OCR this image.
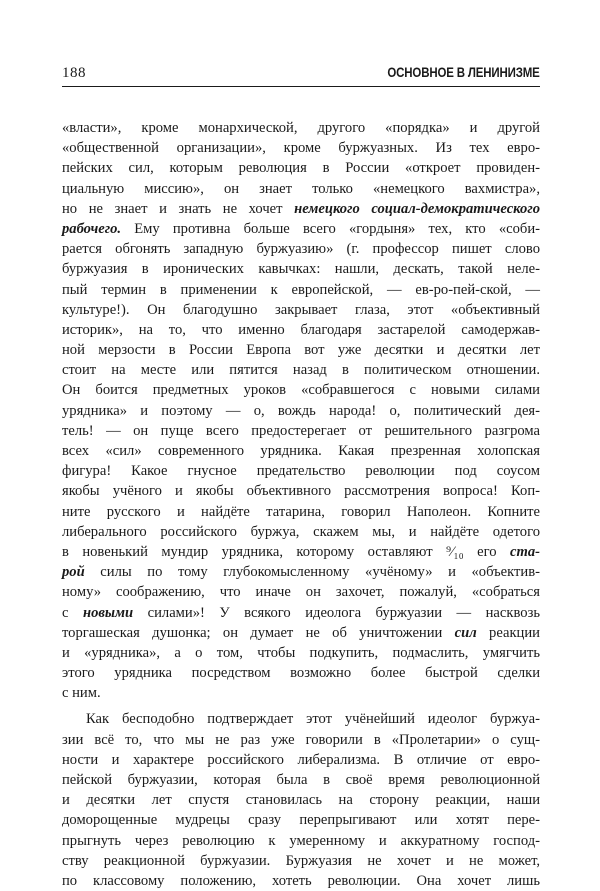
188	ОСНОВНОЕ В ЛЕНИНИЗМЕ
«власти», кроме монархической, другого «порядка» и другой
«общественной организации», кроме буржуазных. Из тех евро-
пейских сил, которым революция в России «откроет провиден-
циальную миссию», он знает только «немецкого вахмистра»,
но не знает и знать не хочет немецкого социал-демократического
рабочего. Ему противна больше всего «гордыня» тех, кто «соби-
рается обгонять западную буржуазию» (г. профессор пишет слово
буржуазия в иронических кавычках: нашли, дескать, такой неле-
пый термин в применении к европейской, — ев-ро-пей-ской, —
культуре!). Он благодушно закрывает глаза, этот «объективный
историк», на то, что именно благодаря застарелой самодержав-
ной мерзости в России Европа вот уже десятки и десятки лет
стоит на месте или пятится назад в политическом отношении.
Он боится предметных уроков «собравшегося с новыми силами
урядника» и поэтому — о, вождь народа! о, политический дея-
тель! — он пуще всего предостерегает от решительного разгрома
всех «сил» современного урядника. Какая презренная холопская
фигура! Какое гнусное предательство революции под соусом
якобы учёного и якобы объективного рассмотрения вопроса! Коп-
ните русского и найдёте татарина, говорил Наполеон. Копните
либерального российского буржуа, скажем мы, и найдёте одетого
в новенький мундир урядника, которому оставляют ⁹⁄₁₀ его ста-
рой силы по тому глубокомысленному «учёному» и «объектив-
ному» соображению, что иначе он захочет, пожалуй, «собраться
с новыми силами»! У всякого идеолога буржуазии — насквозь
торгашеская душонка; он думает не об уничтожении сил реакции
и «урядника», а о том, чтобы подкупить, подмаслить, умягчить
этого урядника посредством возможно более быстрой сделки
с ним.
Как бесподобно подтверждает этот учёнейший идеолог буржуа-
зии всё то, что мы не раз уже говорили в «Пролетарии» о сущ-
ности и характере российского либерализма. В отличие от евро-
пейской буржуазии, которая была в своё время революционной
и десятки лет спустя становилась на сторону реакции, наши
доморощенные мудрецы сразу перепрыгивают или хотят пере-
прыгнуть через революцию к умеренному и аккуратному господ-
ству реакционной буржуазии. Буржуазия не хочет и не может,
по классовому положению, хотеть революции. Она хочет лишь
